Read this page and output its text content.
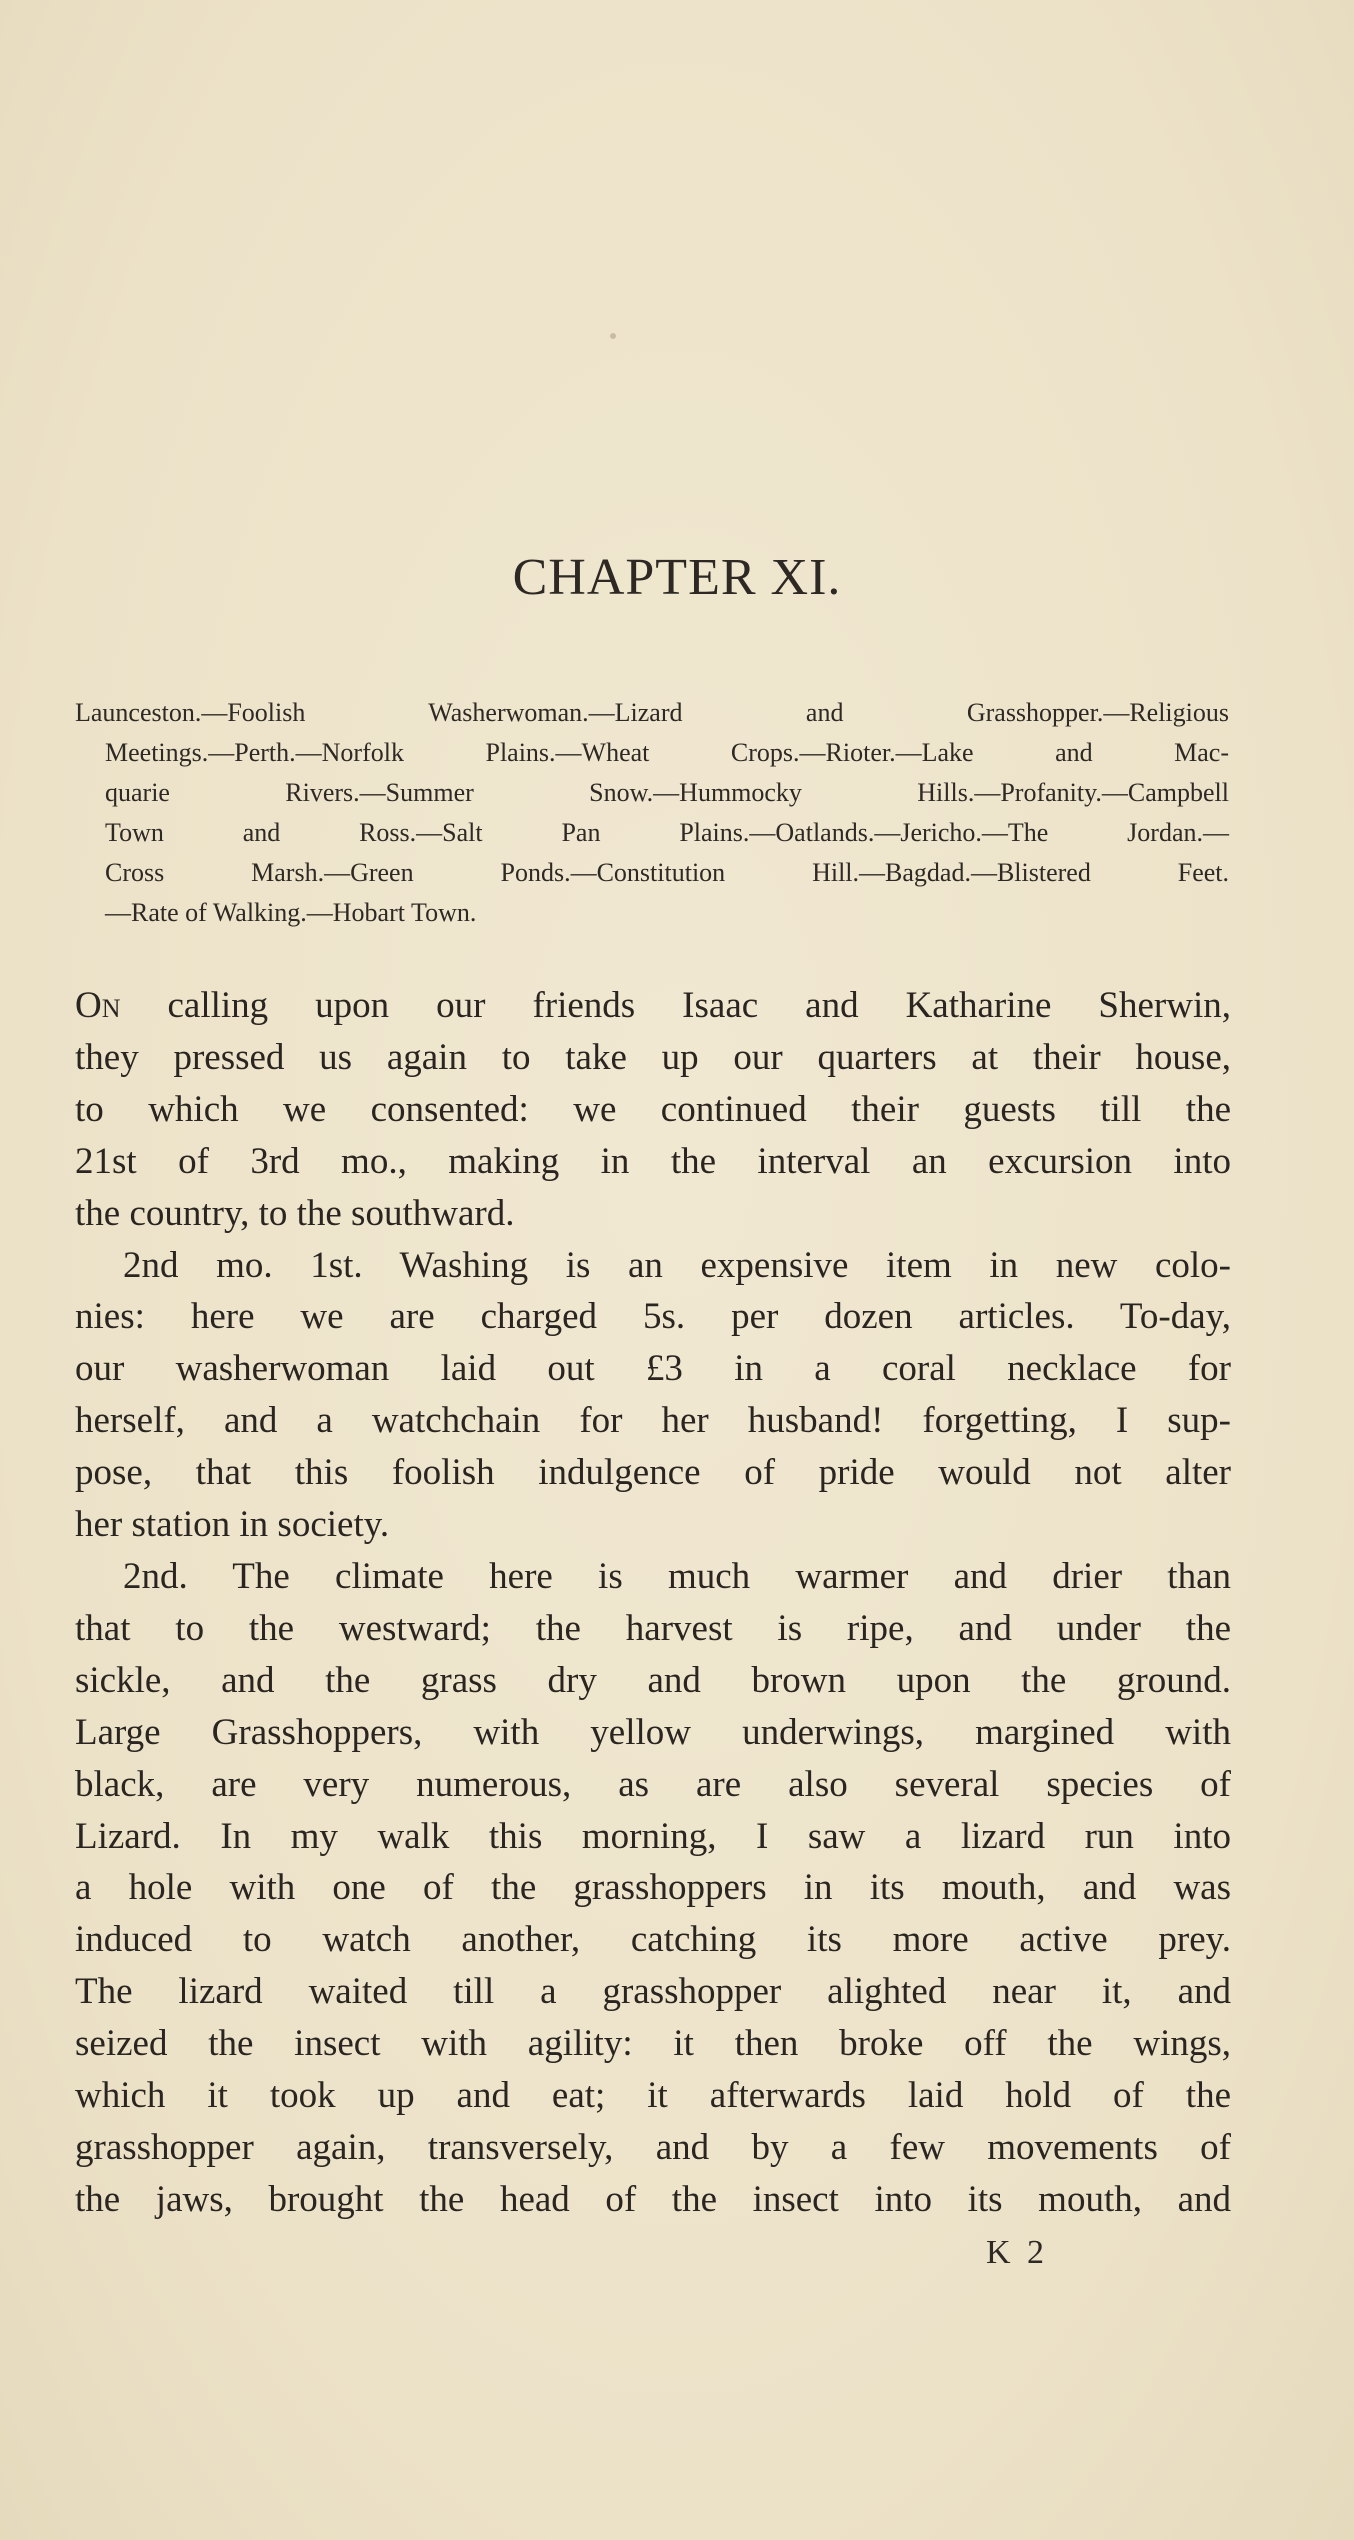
CHAPTER XI.
Launceston.—Foolish Washerwoman.—Lizard and Grasshopper.—Religious
Meetings.—Perth.—Norfolk Plains.—Wheat Crops.—Rioter.—Lake and Mac-
quarie Rivers.—Summer Snow.—Hummocky Hills.—Profanity.—Campbell
Town and Ross.—Salt Pan Plains.—Oatlands.—Jericho.—The Jordan.—
Cross Marsh.—Green Ponds.—Constitution Hill.—Bagdad.—Blistered Feet.
—Rate of Walking.—Hobart Town.
On calling upon our friends Isaac and Katharine Sherwin,
they pressed us again to take up our quarters at their house,
to which we consented: we continued their guests till the
21st of 3rd mo., making in the interval an excursion into
the country, to the southward.
2nd mo. 1st. Washing is an expensive item in new colo-
nies: here we are charged 5s. per dozen articles. To-day,
our washerwoman laid out £3 in a coral necklace for
herself, and a watchchain for her husband! forgetting, I sup-
pose, that this foolish indulgence of pride would not alter
her station in society.
2nd. The climate here is much warmer and drier than
that to the westward; the harvest is ripe, and under the
sickle, and the grass dry and brown upon the ground.
Large Grasshoppers, with yellow underwings, margined with
black, are very numerous, as are also several species of
Lizard. In my walk this morning, I saw a lizard run into
a hole with one of the grasshoppers in its mouth, and was
induced to watch another, catching its more active prey.
The lizard waited till a grasshopper alighted near it, and
seized the insect with agility: it then broke off the wings,
which it took up and eat; it afterwards laid hold of the
grasshopper again, transversely, and by a few movements of
the jaws, brought the head of the insect into its mouth, and
K 2
